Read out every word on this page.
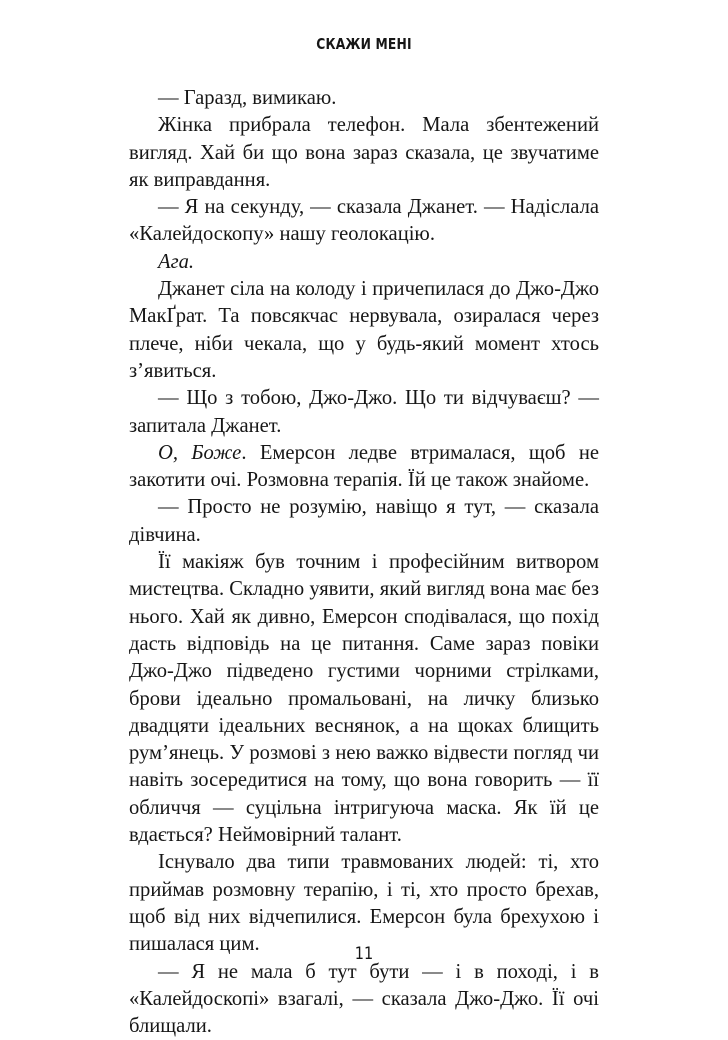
СКАЖИ МЕНІ

— Гаразд, вимикаю.

Жінка прибрала телефон. Мала збентежений вигляд. Хай би що вона зараз сказала, це звучатиме як виправдання.

— Я на секунду, — сказала Джанет. — Надіслала «Калейдоскопу» нашу геолокацію.

Ага.

Джанет сіла на колоду і причепилася до Джо-Джо МакҐрат. Та повсякчас нервувала, озиралася через плече, ніби чекала, що у будь-який момент хтось з’явиться.

— Що з тобою, Джо-Джо. Що ти відчуваєш? — запитала Джанет.

О, Боже. Емерсон ледве втрималася, щоб не закотити очі. Розмовна терапія. Їй це також знайоме.

— Просто не розумію, навіщо я тут, — сказала дівчина.

Її макіяж був точним і професійним витвором мистецтва. Складно уявити, який вигляд вона має без нього. Хай як дивно, Емерсон сподівалася, що похід дасть відповідь на це питання. Саме зараз повіки Джо-Джо підведено густими чорними стрілками, брови ідеально промальовані, на личку близько двадцяти ідеальних веснянок, а на щоках блищить рум’янець. У розмові з нею важко відвести погляд чи навіть зосередитися на тому, що вона говорить — її обличчя — суцільна інтригуюча маска. Як їй це вдається? Неймовірний талант.

Існувало два типи травмованих людей: ті, хто приймав розмовну терапію, і ті, хто просто брехав, щоб від них відчепилися. Емерсон була брехухою і пишалася цим.

— Я не мала б тут бути — і в поході, і в «Калейдоскопі» взагалі, — сказала Джо-Джо. Її очі блищали.

11
